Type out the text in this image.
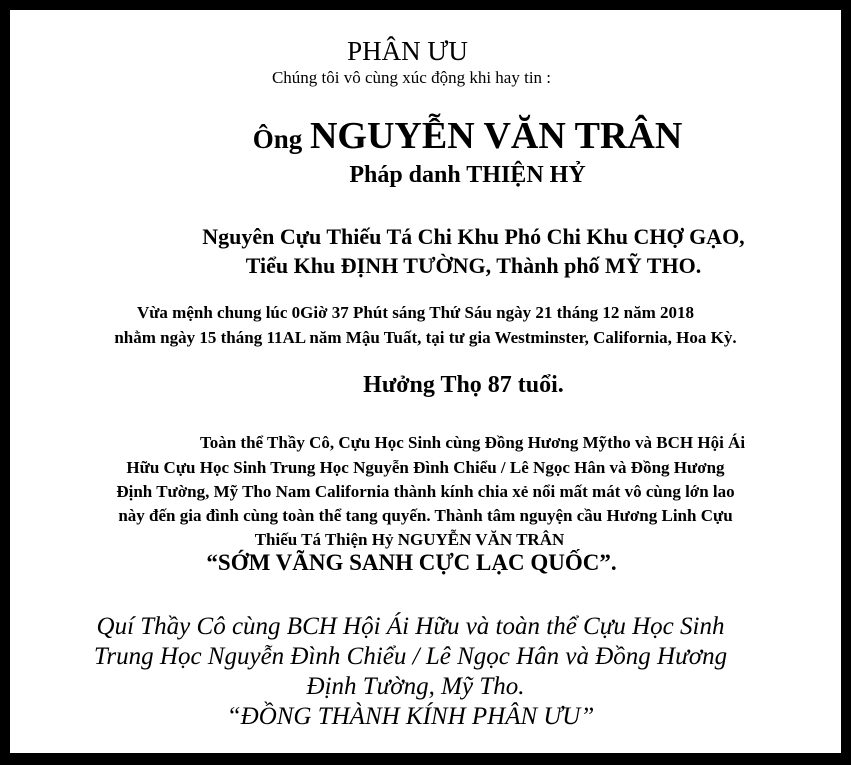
PHÂN ƯU
Chúng tôi vô cùng xúc động khi hay tin :
Ông NGUYỄN VĂN TRÂN
Pháp danh THIỆN HỶ
Nguyên Cựu Thiếu Tá Chi Khu Phó Chi Khu CHỢ GẠO,
Tiểu Khu ĐỊNH TƯỜNG, Thành phố MỸ THO.
Vừa mệnh chung lúc 0Giờ 37 Phút sáng Thứ Sáu ngày 21 tháng 12 năm 2018
nhằm ngày 15 tháng 11AL năm Mậu Tuất, tại tư gia Westminster, California, Hoa Kỳ.
Hưởng Thọ 87 tuổi.
Toàn thể Thầy Cô, Cựu Học Sinh cùng Đồng Hương Mỹtho và BCH Hội Ái
Hữu Cựu Học Sinh Trung Học Nguyễn Đình Chiểu / Lê Ngọc Hân và Đồng Hương
Định Tường, Mỹ Tho Nam California thành kính chia xẻ nổi mất mát vô cùng lớn lao
này đến gia đình cùng toàn thể tang quyến. Thành tâm nguyện cầu Hương Linh Cựu
Thiếu Tá Thiện Hỷ NGUYỄN VĂN TRÂN
“SỚM VÃNG SANH CỰC LẠC QUỐC”.
Quí Thầy Cô cùng BCH Hội Ái Hữu và toàn thể Cựu Học Sinh
Trung Học Nguyễn Đình Chiểu / Lê Ngọc Hân và Đồng Hương
Định Tường, Mỹ Tho.
“ĐỒNG THÀNH KÍNH PHÂN ƯU”
